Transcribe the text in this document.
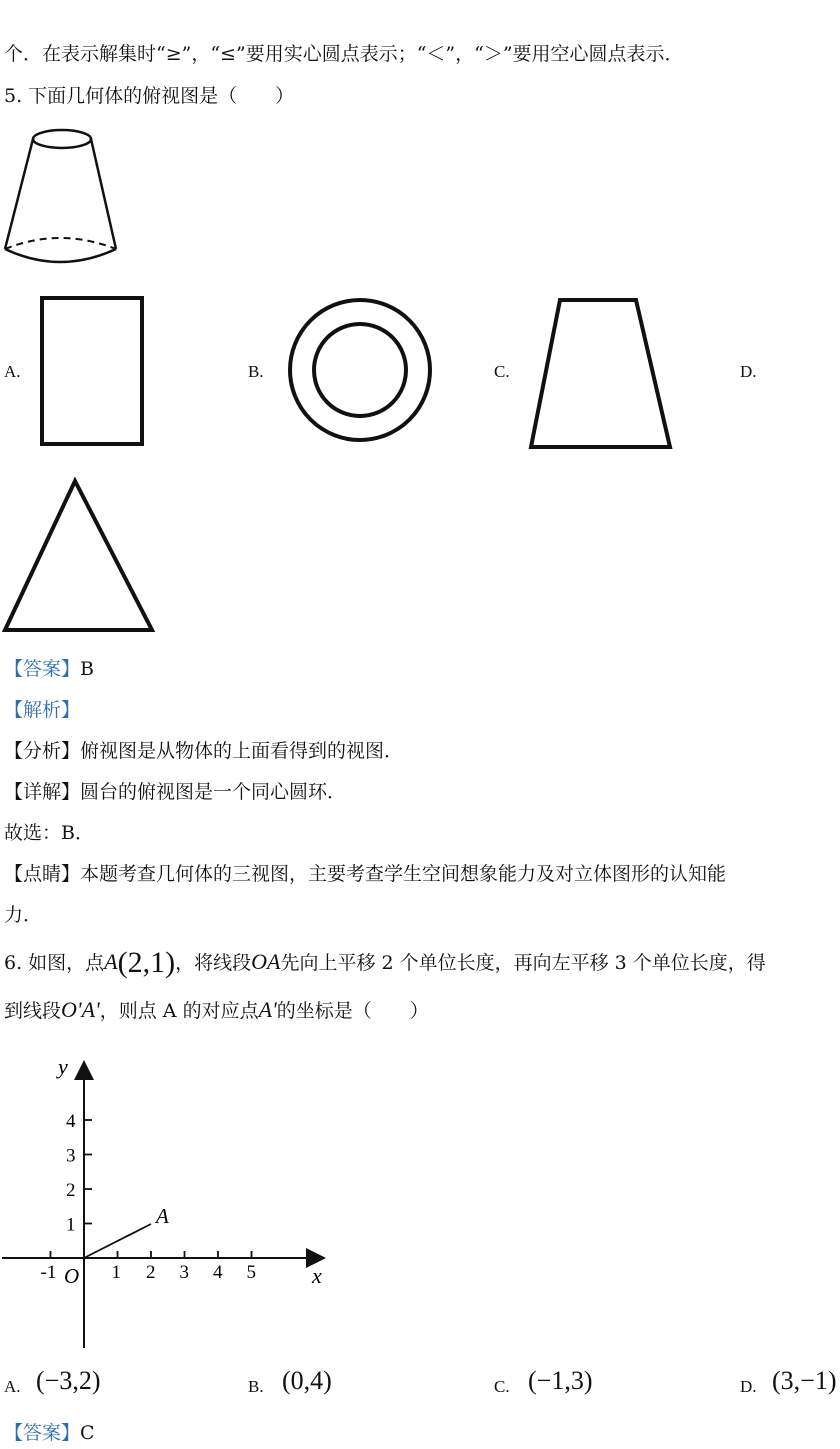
个．在表示解集时“≥”，“≤”要用实心圆点表示；“＜”，“＞”要用空心圆点表示．
5. 下面几何体的俯视图是（　　）
A.	B.	C.	D.
【答案】B
【解析】
【分析】俯视图是从物体的上面看得到的视图．
【详解】圆台的俯视图是一个同心圆环．
故选：B．
【点睛】本题考查几何体的三视图，主要考查学生空间想象能力及对立体图形的认知能
力．
6. 如图，点A(2,1)，将线段OA先向上平移 2 个单位长度，再向左平移 3 个单位长度，得
到线段O'A'，则点 A 的对应点A'的坐标是（　　）
-1	1 2 3 4 5
1
2
3
4
y
x
O
A
A. (−3,2)	B. (0,4)	C. (−1,3)	D. (3,−1)
【答案】C
